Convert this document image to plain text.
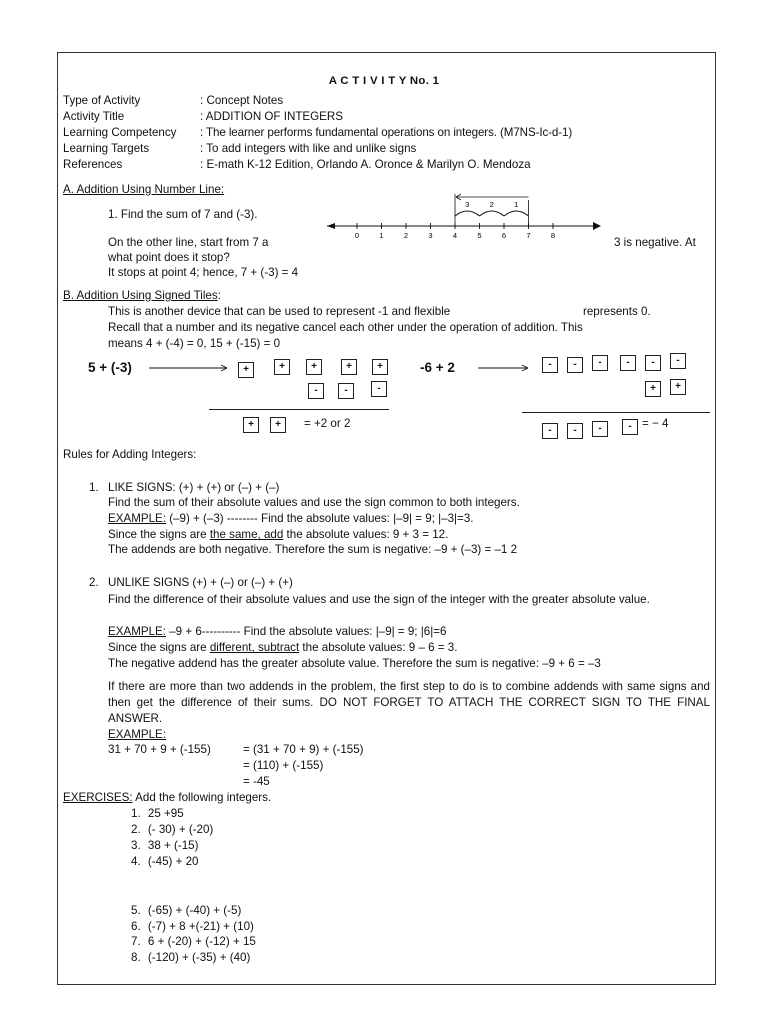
A C T I V I T Y No. 1
Type of Activity	: Concept Notes
Activity Title	: ADDITION OF INTEGERS
Learning Competency	: The learner performs fundamental operations on integers. (M7NS-Ic-d-1)
Learning Targets	: To add integers with like and unlike signs
References	: E-math K-12 Edition, Orlando A. Oronce & Marilyn O. Mendoza
A. Addition Using Number Line:
1. Find the sum of 7 and (-3).
On the other line, start from 7 a	3 is negative. At
what point does it stop?
It stops at point 4; hence, 7 + (-3) = 4
0	1	2	3	4	5	6	7	8
3	2	1
B. Addition Using Signed Tiles:
This is another device that can be used to represent -1 and flexible	represents 0.
Recall that a number and its negative cancel each other under the operation of addition. This
means 4 + (-4) = 0, 15 + (-15) = 0
5 + (-3)	+	+	+	+	+
-	-	-
+	+	= +2 or 2
-6 + 2	-	-	-	-	-	-
+	+
-	-	-	- = − 4
Rules for Adding Integers:
1. LIKE SIGNS: (+) + (+) or (–) + (–)
Find the sum of their absolute values and use the sign common to both integers.
EXAMPLE: (–9) + (–3) -------- Find the absolute values: |–9| = 9; |–3|=3.
Since the signs are the same, add the absolute values: 9 + 3 = 12.
The addends are both negative. Therefore the sum is negative: –9 + (–3) = –1 2
2. UNLIKE SIGNS (+) + (–) or (–) + (+)
Find the difference of their absolute values and use the sign of the integer with the greater absolute value.
EXAMPLE: –9 + 6---------- Find the absolute values: |–9| = 9; |6|=6
Since the signs are different, subtract the absolute values: 9 – 6 = 3.
The negative addend has the greater absolute value. Therefore the sum is negative: –9 + 6 = –3
If there are more than two addends in the problem, the first step to do is to combine addends with same signs and then get the difference of their sums. DO NOT FORGET TO ATTACH THE CORRECT SIGN TO THE FINAL ANSWER.
EXAMPLE:
31 + 70 + 9 + (-155)	= (31 + 70 + 9) + (-155)
= (110) + (-155)
= -45
EXERCISES: Add the following integers.
1. 25 +95
2. (- 30) + (-20)
3. 38 + (-15)
4. (-45) + 20
5. (-65) + (-40) + (-5)
6. (-7) + 8 +(-21) + (10)
7. 6 + (-20) + (-12) + 15
8. (-120) + (-35) + (40)
